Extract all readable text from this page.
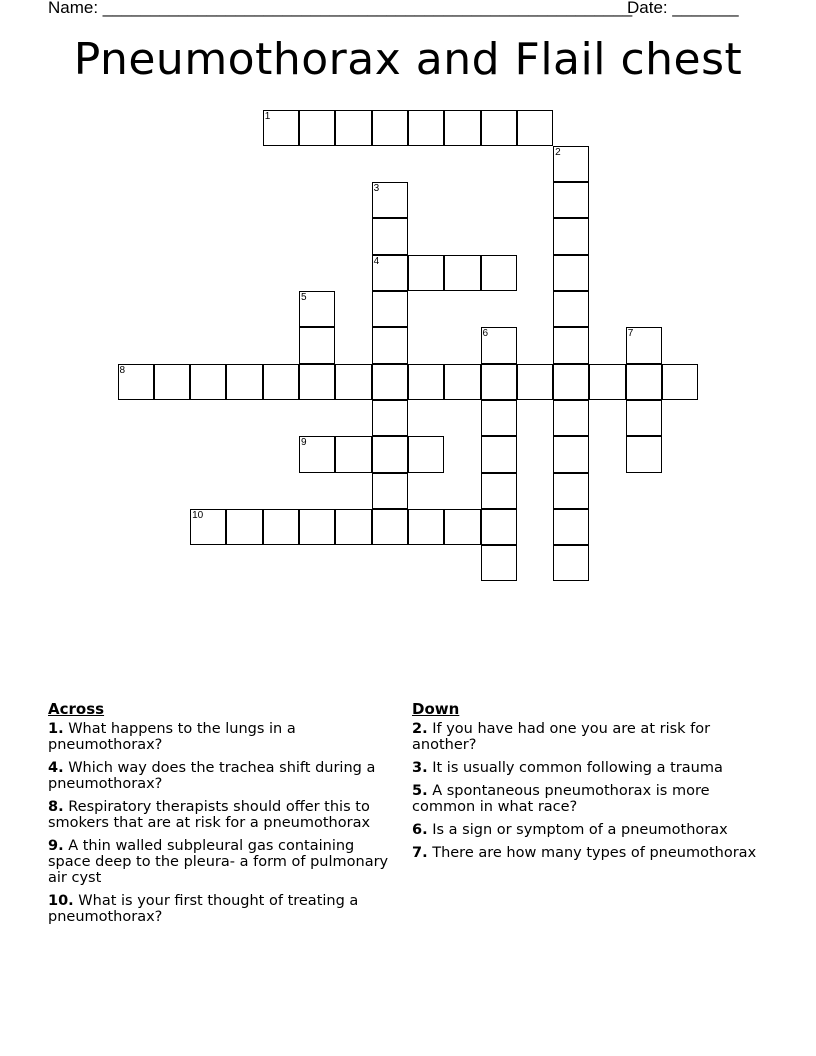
Name: ________________________________________________________
Date: _______
Pneumothorax and Flail chest
1
2
3
4
5
6	7
8
9
10
Across
1. What happens to the lungs in a pneumothorax?
4. Which way does the trachea shift during a pneumothorax?
8. Respiratory therapists should offer this to smokers that are at risk for a pneumothorax
9. A thin walled subpleural gas containing space deep to the pleura- a form of pulmonary air cyst
10. What is your first thought of treating a pneumothorax?
Down
2. If you have had one you are at risk for another?
3. It is usually common following a trauma
5. A spontaneous pneumothorax is more common in what race?
6. Is a sign or symptom of a pneumothorax
7. There are how many types of pneumothorax
